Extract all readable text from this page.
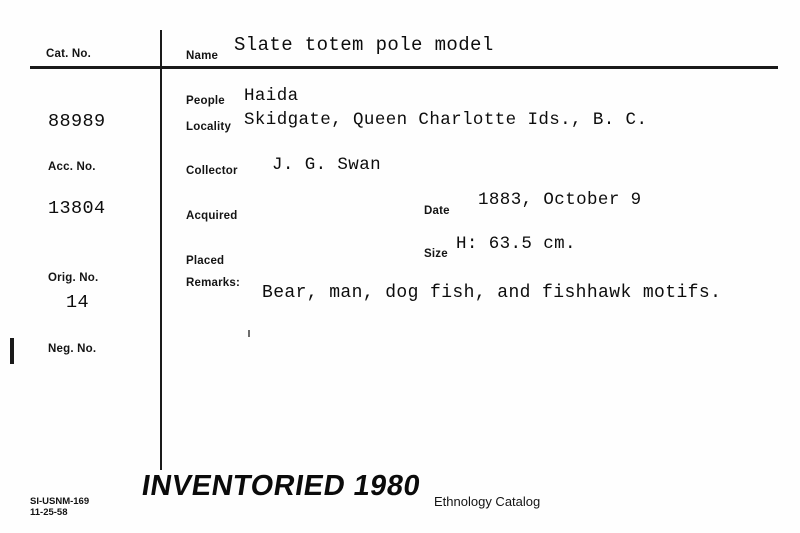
Cat. No.
88989
Acc. No.
13804
Orig. No.
14
Neg. No.
Name Slate totem pole model
People Haida
Locality Skidgate, Queen Charlotte Ids., B. C.
Collector J. G. Swan
Acquired	Date
1883, October 9
Placed
Size H: 63.5 cm.
Remarks: Bear, man, dog fish, and fishhawk motifs.
INVENTORIED 1980 Ethnology Catalog
SI-USNM-169
11-25-58
